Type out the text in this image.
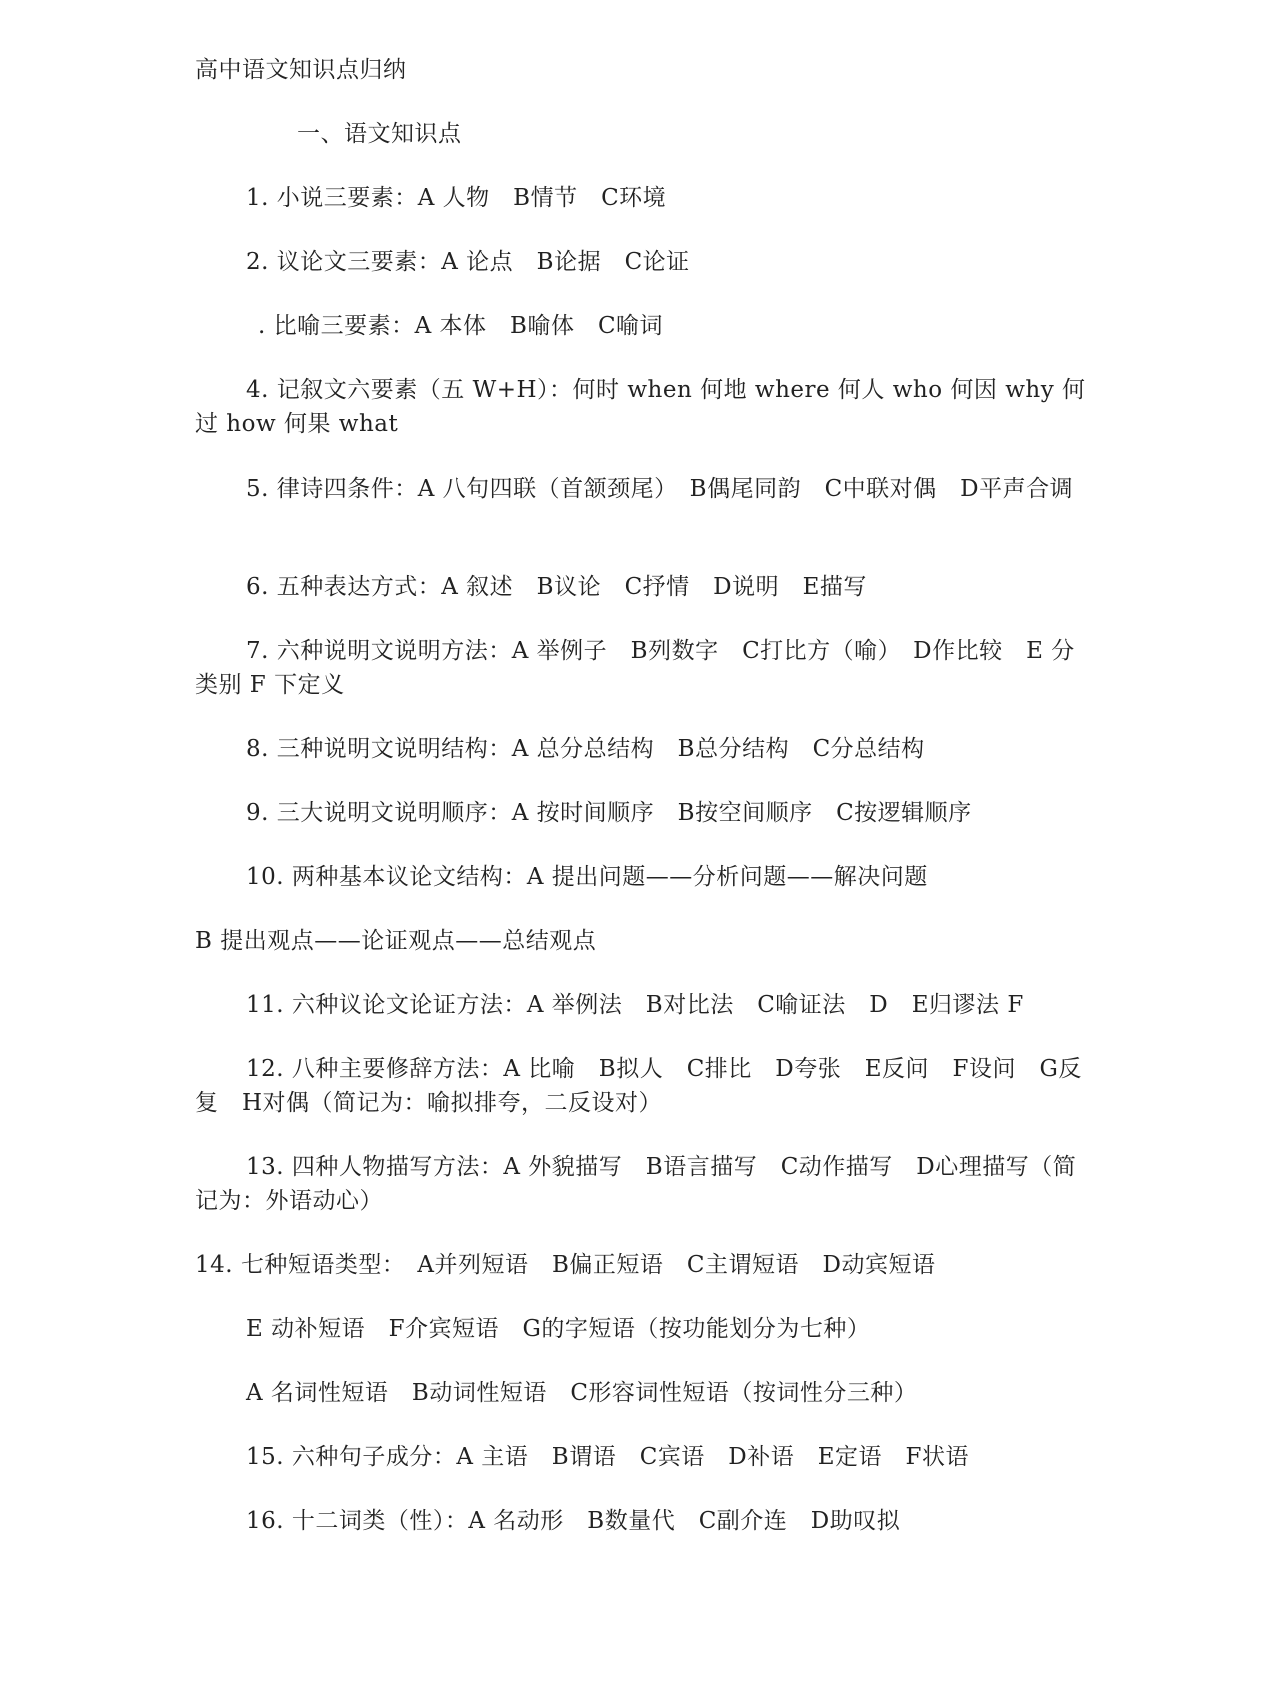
高中语文知识点归纳
一、语文知识点
1. 小说三要素：A 人物　B情节　C环境
2. 议论文三要素：A 论点　B论据　C论证
. 比喻三要素：A 本体　B喻体　C喻词
4. 记叙文六要素（五 W+H）：何时 when 何地 where 何人 who 何因 why 何过 how 何果 what
5. 律诗四条件：A 八句四联（首颔颈尾）　B偶尾同韵　C中联对偶　D平声合调
6. 五种表达方式：A 叙述　B议论　C抒情　D说明　E描写
7. 六种说明文说明方法：A 举例子　B列数字　C打比方（喻）　D作比较　E 分类别 F 下定义
8. 三种说明文说明结构：A 总分总结构　B总分结构　C分总结构
9. 三大说明文说明顺序：A 按时间顺序　B按空间顺序　C按逻辑顺序
10. 两种基本议论文结构：A 提出问题——分析问题——解决问题
B 提出观点——论证观点——总结观点
11. 六种议论文论证方法：A 举例法　B对比法　C喻证法　D　E归谬法 F
12. 八种主要修辞方法：A 比喻　B拟人　C排比　D夸张　E反问　F设问　G反复　H对偶（简记为：喻拟排夸，二反设对）
13. 四种人物描写方法：A 外貌描写　B语言描写　C动作描写　D心理描写（简记为：外语动心）
14. 七种短语类型：　A并列短语　B偏正短语　C主谓短语　D动宾短语
E 动补短语　F介宾短语　G的字短语（按功能划分为七种）
A 名词性短语　B动词性短语　C形容词性短语（按词性分三种）
15. 六种句子成分：A 主语　B谓语　C宾语　D补语　E定语　F状语
16. 十二词类（性）：A 名动形　B数量代　C副介连　D助叹拟
